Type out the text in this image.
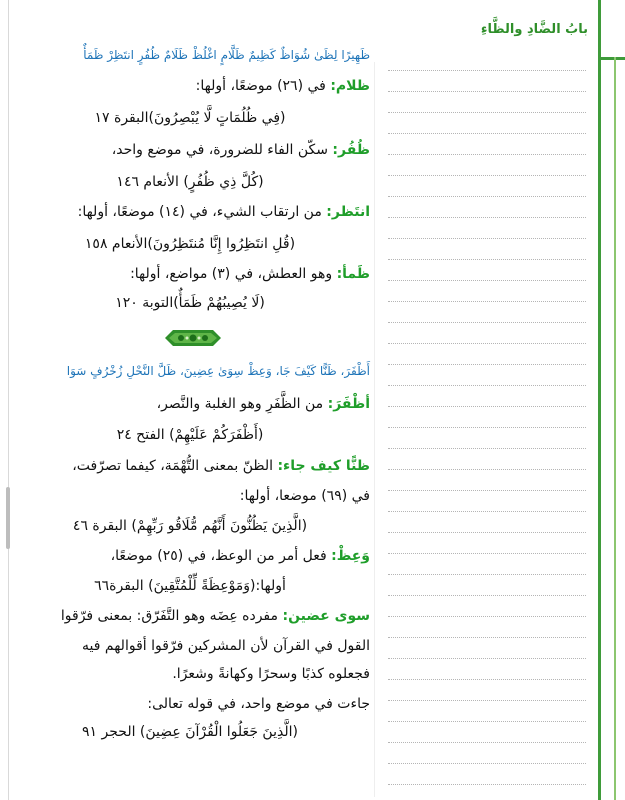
بابُ الضَّادِ والظَّاءِ
ظَهِيرًا لِظَىٰ شُوَاظٌ كَظِيمٌ ظَلَّامٍ اغْلُظْ ظَلَامٌ ظُفُرٍ انتَظِرْ ظَمَأٌ
ظلام: في (٢٦) موضعًا، أولها:
(فِي ظُلُمَاتٍ لَّا يُبْصِرُونَ)البقرة ١٧
ظُفُر: سكّن الفاء للضرورة، في موضع واحد،
(كُلَّ ذِي ظُفُرٍ) الأنعام ١٤٦
انتَظر: من ارتقاب الشيء، في (١٤) موضعًا، أولها:
(قُلِ انتَظِرُوا إِنَّا مُنتَظِرُونَ)الأنعام ١٥٨
ظَمأ: وهو العطش، في (٣) مواضع، أولها:
(لَا يُصِيبُهُمْ ظَمَأٌ)التوبة ١٢٠
أَظْفَرَ، ظَنًّا كَيْفَ جَا، وَعِظْ سِوَىٰ عِضِينَ، ظَلَّ النَّحْلِ زُخْرُفٍ سَوَا
أظْفَرَ: من الظَّفَرِ وهو الغلبة والنَّصر،
(أَظْفَرَكُمْ عَلَيْهِمْ) الفتح ٢٤
ظنًّا كيف جاء: الظنّ بمعنى التُّهْمَة، كيفما تصرّفت،
في (٦٩) موضعا، أولها:
(الَّذِينَ يَظُنُّونَ أَنَّهُم مُّلَاقُو رَبِّهِمْ) البقرة ٤٦
وَعِظْ: فعل أمر من الوعظ، في (٢٥) موضعًا،
أولها:(وَمَوْعِظَةً لِّلْمُتَّقِينَ) البقرة٦٦
سوى عضين: مفرده عِضَه وهو التَّفَرّق: بمعنى فرّقوا
القول في القرآن لأن المشركين فرّقوا أقوالهم فيه
فجعلوه كذبًا وسحرًا وكهانةً وشعرًا.
جاءت في موضع واحد، في قوله تعالى:
(الَّذِينَ جَعَلُوا الْقُرْآنَ عِضِينَ) الحجر ٩١
